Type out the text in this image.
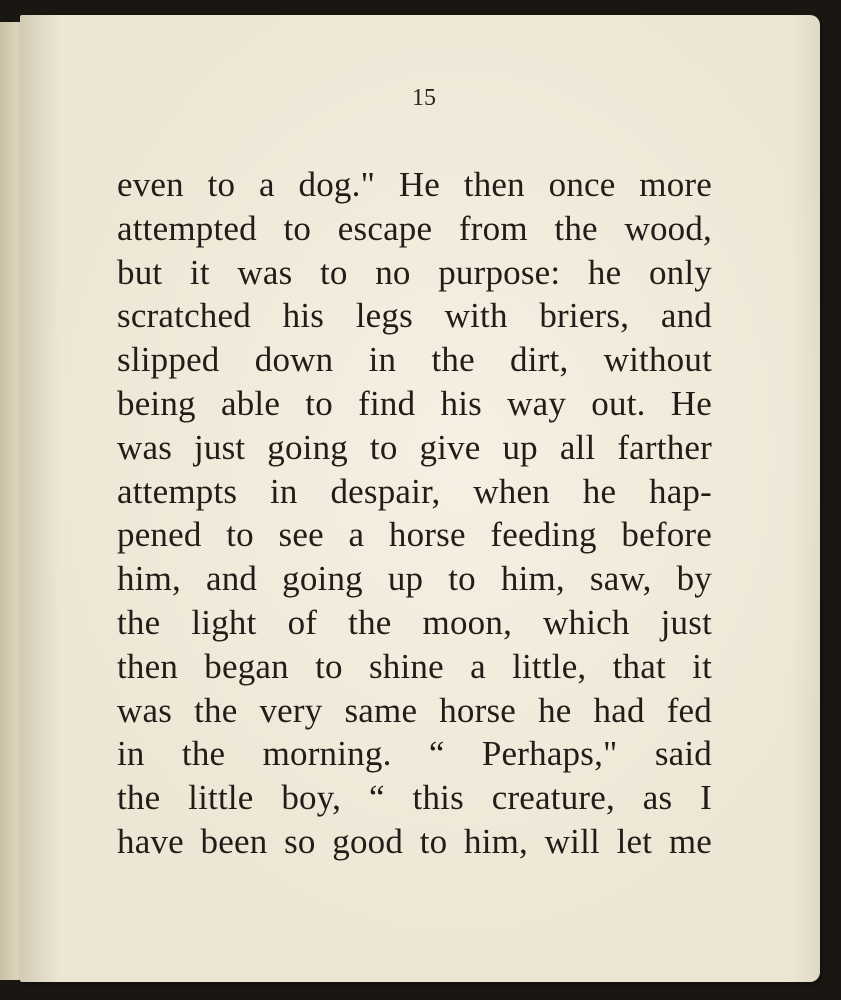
15
even to a dog." He then once more
attempted to escape from the wood,
but it was to no purpose: he only
scratched his legs with briers, and
slipped down in the dirt, without
being able to find his way out. He
was just going to give up all farther
attempts in despair, when he hap-
pened to see a horse feeding before
him, and going up to him, saw, by
the light of the moon, which just
then began to shine a little, that it
was the very same horse he had fed
in the morning. “ Perhaps," said
the little boy, “ this creature, as I
have been so good to him, will let me
